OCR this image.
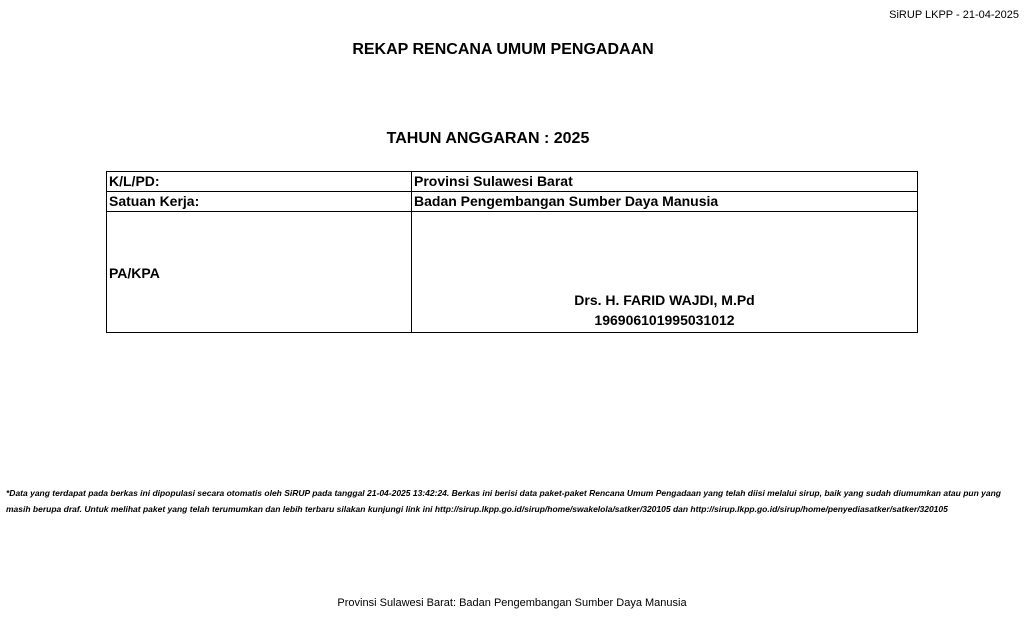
SiRUP LKPP - 21-04-2025
REKAP RENCANA UMUM PENGADAAN
TAHUN ANGGARAN : 2025
K/L/PD:	Provinsi Sulawesi Barat
Satuan Kerja:	Badan Pengembangan Sumber Daya Manusia

PA/KPA	Drs. H. FARID WAJDI, M.Pd
196906101995031012
*Data yang terdapat pada berkas ini dipopulasi secara otomatis oleh SiRUP pada tanggal 21-04-2025 13:42:24. Berkas ini berisi data paket-paket Rencana Umum Pengadaan yang telah diisi melalui sirup, baik yang sudah diumumkan atau pun yang masih berupa draf. Untuk melihat paket yang telah terumumkan dan lebih terbaru silakan kunjungi link ini http://sirup.lkpp.go.id/sirup/home/swakelola/satker/320105 dan http://sirup.lkpp.go.id/sirup/home/penyediasatker/satker/320105
Provinsi Sulawesi Barat: Badan Pengembangan Sumber Daya Manusia
